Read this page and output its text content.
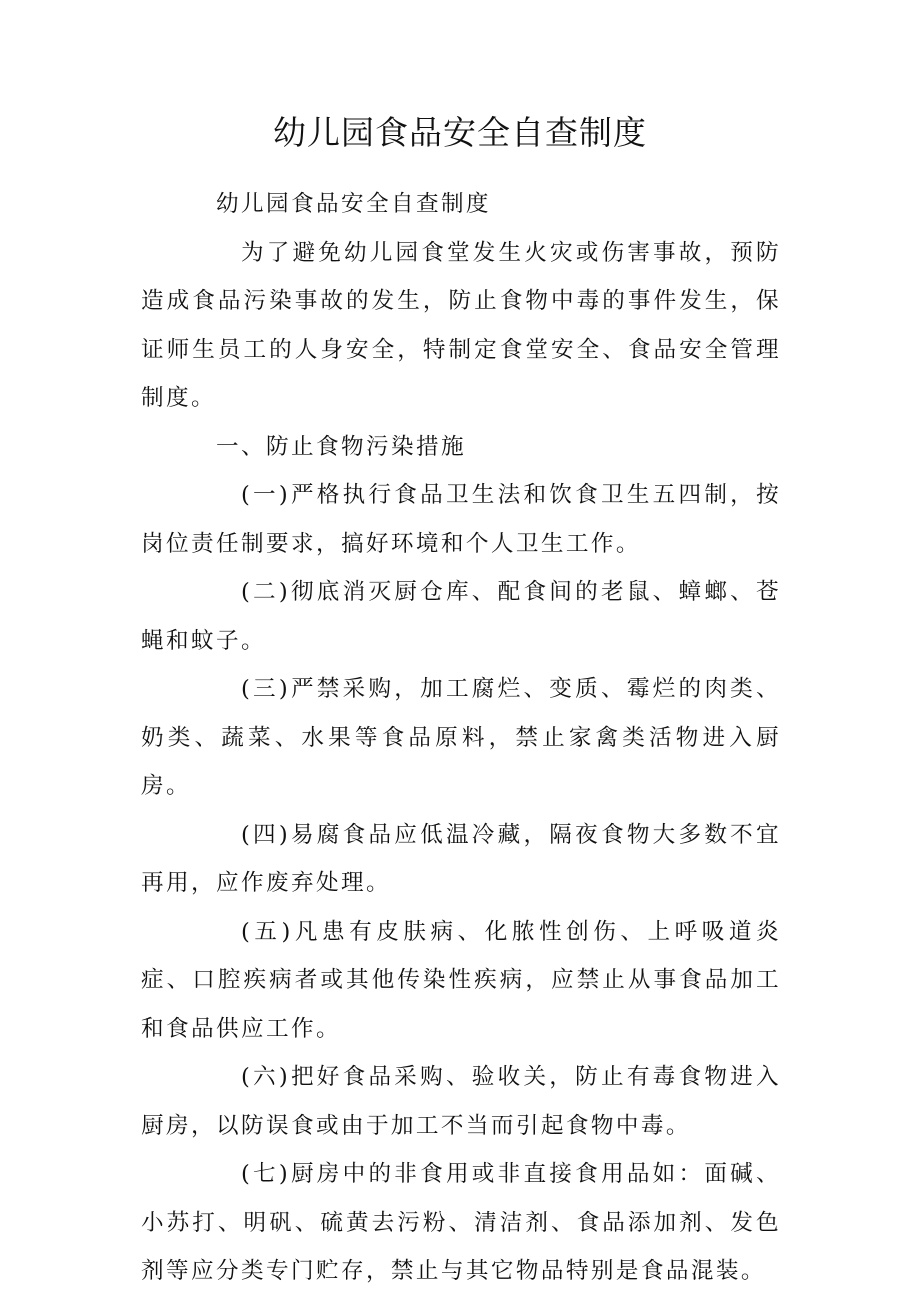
幼儿园食品安全自查制度

幼儿园食品安全自查制度

为了避免幼儿园食堂发生火灾或伤害事故，预防造成食品污染事故的发生，防止食物中毒的事件发生，保证师生员工的人身安全，特制定食堂安全、食品安全管理制度。

一、防止食物污染措施

(一)严格执行食品卫生法和饮食卫生五四制，按岗位责任制要求，搞好环境和个人卫生工作。

(二)彻底消灭厨仓库、配食间的老鼠、蟑螂、苍蝇和蚊子。

(三)严禁采购，加工腐烂、变质、霉烂的肉类、奶类、蔬菜、水果等食品原料，禁止家禽类活物进入厨房。

(四)易腐食品应低温冷藏，隔夜食物大多数不宜再用，应作废弃处理。

(五)凡患有皮肤病、化脓性创伤、上呼吸道炎症、口腔疾病者或其他传染性疾病，应禁止从事食品加工和食品供应工作。

(六)把好食品采购、验收关，防止有毒食物进入厨房，以防误食或由于加工不当而引起食物中毒。

(七)厨房中的非食用或非直接食用品如：面碱、小苏打、明矾、硫黄去污粉、清洁剂、食品添加剂、发色剂等应分类专门贮存，禁止与其它物品特别是食品混装。
